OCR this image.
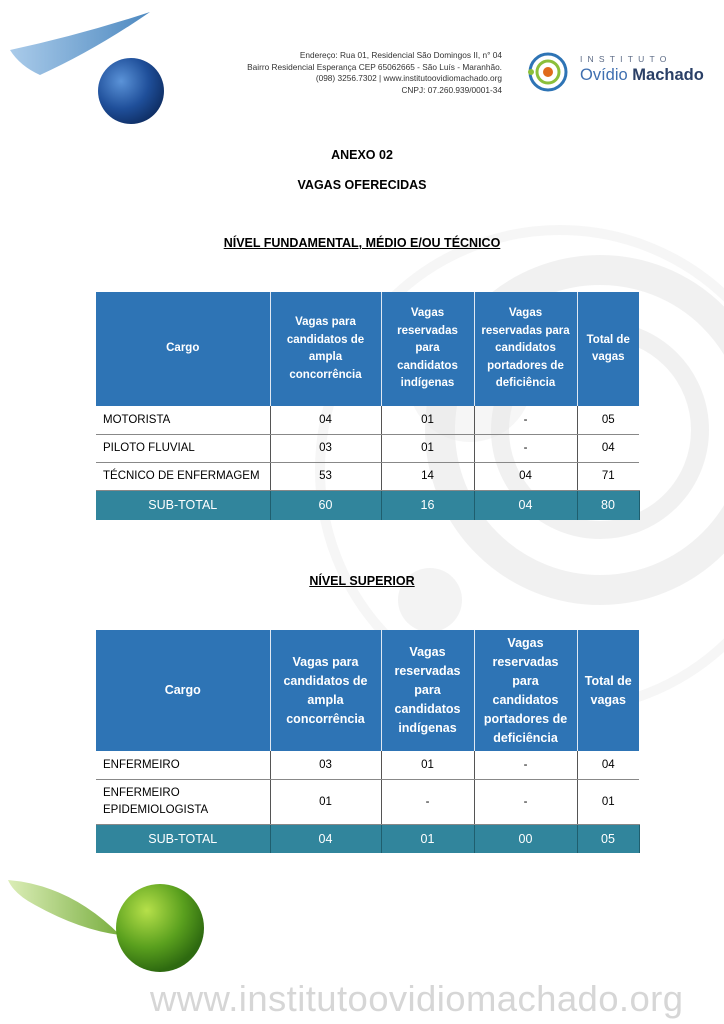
Endereço: Rua 01, Residencial São Domingos II, n° 04
Bairro Residencial Esperança CEP 65062665 - São Luís - Maranhão.
(098) 3256.7302 | www.institutoovidiomachado.org
CNPJ: 07.260.939/0001-34
INSTITUTO
Ovídio Machado
ANEXO 02
VAGAS OFERECIDAS
NÍVEL FUNDAMENTAL, MÉDIO E/OU TÉCNICO
Cargo	Vagas para candidatos de ampla concorrência	Vagas reservadas para candidatos indígenas	Vagas reservadas para candidatos portadores de deficiência	Total de vagas
MOTORISTA	04	01	-	05
PILOTO FLUVIAL	03	01	-	04
TÉCNICO DE ENFERMAGEM	53	14	04	71
SUB-TOTAL	60	16	04	80
NÍVEL SUPERIOR
Cargo	Vagas para candidatos de ampla concorrência	Vagas reservadas para candidatos indígenas	Vagas reservadas para candidatos portadores de deficiência	Total de vagas
ENFERMEIRO	03	01	-	04

ENFERMEIRO EPIDEMIOLOGISTA	01	-	-	01
SUB-TOTAL	04	01	00	05
www.institutoovidiomachado.org
